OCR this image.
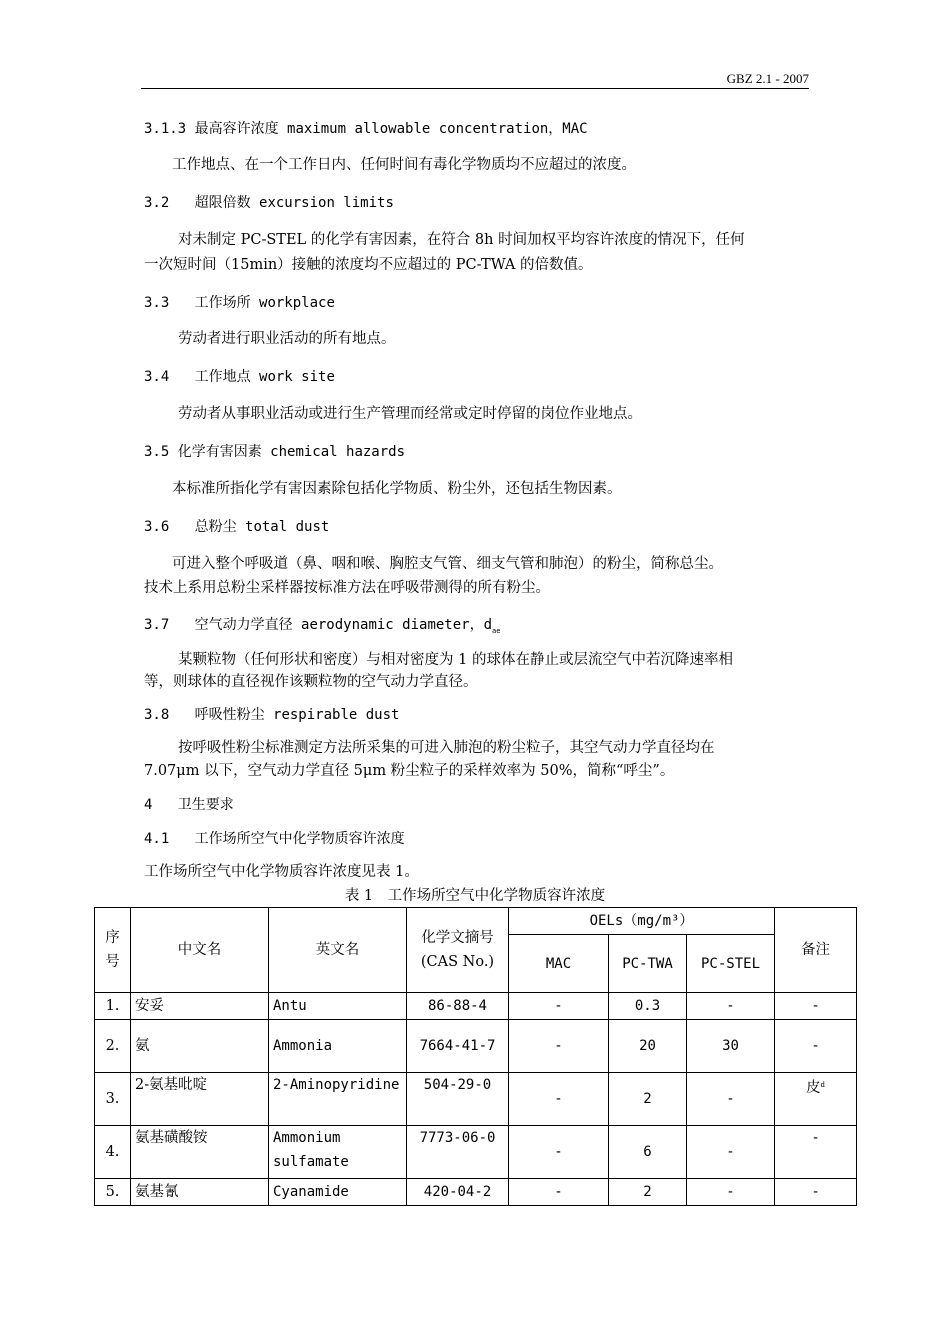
GBZ 2.1 - 2007
3.1.3 最高容许浓度 maximum allowable concentration，MAC
工作地点、在一个工作日内、任何时间有毒化学物质均不应超过的浓度。
3.2 超限倍数 excursion limits
对未制定 PC-STEL 的化学有害因素，在符合 8h 时间加权平均容许浓度的情况下，任何
一次短时间（15min）接触的浓度均不应超过的 PC-TWA 的倍数值。
3.3 工作场所 workplace
劳动者进行职业活动的所有地点。
3.4 工作地点 work site
劳动者从事职业活动或进行生产管理而经常或定时停留的岗位作业地点。
3.5 化学有害因素 chemical hazards
本标准所指化学有害因素除包括化学物质、粉尘外，还包括生物因素。
3.6 总粉尘 total dust
可进入整个呼吸道（鼻、咽和喉、胸腔支气管、细支气管和肺泡）的粉尘，简称总尘。
技术上系用总粉尘采样器按标准方法在呼吸带测得的所有粉尘。
3.7 空气动力学直径 aerodynamic diameter，$d_{ae}$
某颗粒物（任何形状和密度）与相对密度为 1 的球体在静止或层流空气中若沉降速率相
等，则球体的直径视作该颗粒物的空气动力学直径。
3.8 呼吸性粉尘 respirable dust
按呼吸性粉尘标准测定方法所采集的可进入肺泡的粉尘粒子，其空气动力学直径均在
7.07μm 以下，空气动力学直径 5μm 粉尘粒子的采样效率为 50%，简称“呼尘”。
4 卫生要求
4.1 工作场所空气中化学物质容许浓度
工作场所空气中化学物质容许浓度见表 1。
表 1　工作场所空气中化学物质容许浓度
序号	中文名	英文名	化学文摘号(CAS No.)	OELs（mg/m³）			备注
				MAC	PC-TWA	PC-STEL	
1.	安妥	Antu	86-88-4	-	0.3	-	-
2.	氨	Ammonia	7664-41-7	-	20	30	-
3.	2-氨基吡啶	2-Aminopyridine	504-29-0	-	2	-	皮$^d$
4.	氨基磺酸铵	Ammonium sulfamate	7773-06-0	-	6	-	-
5.	氨基氰	Cyanamide	420-04-2	-	2	-	-
